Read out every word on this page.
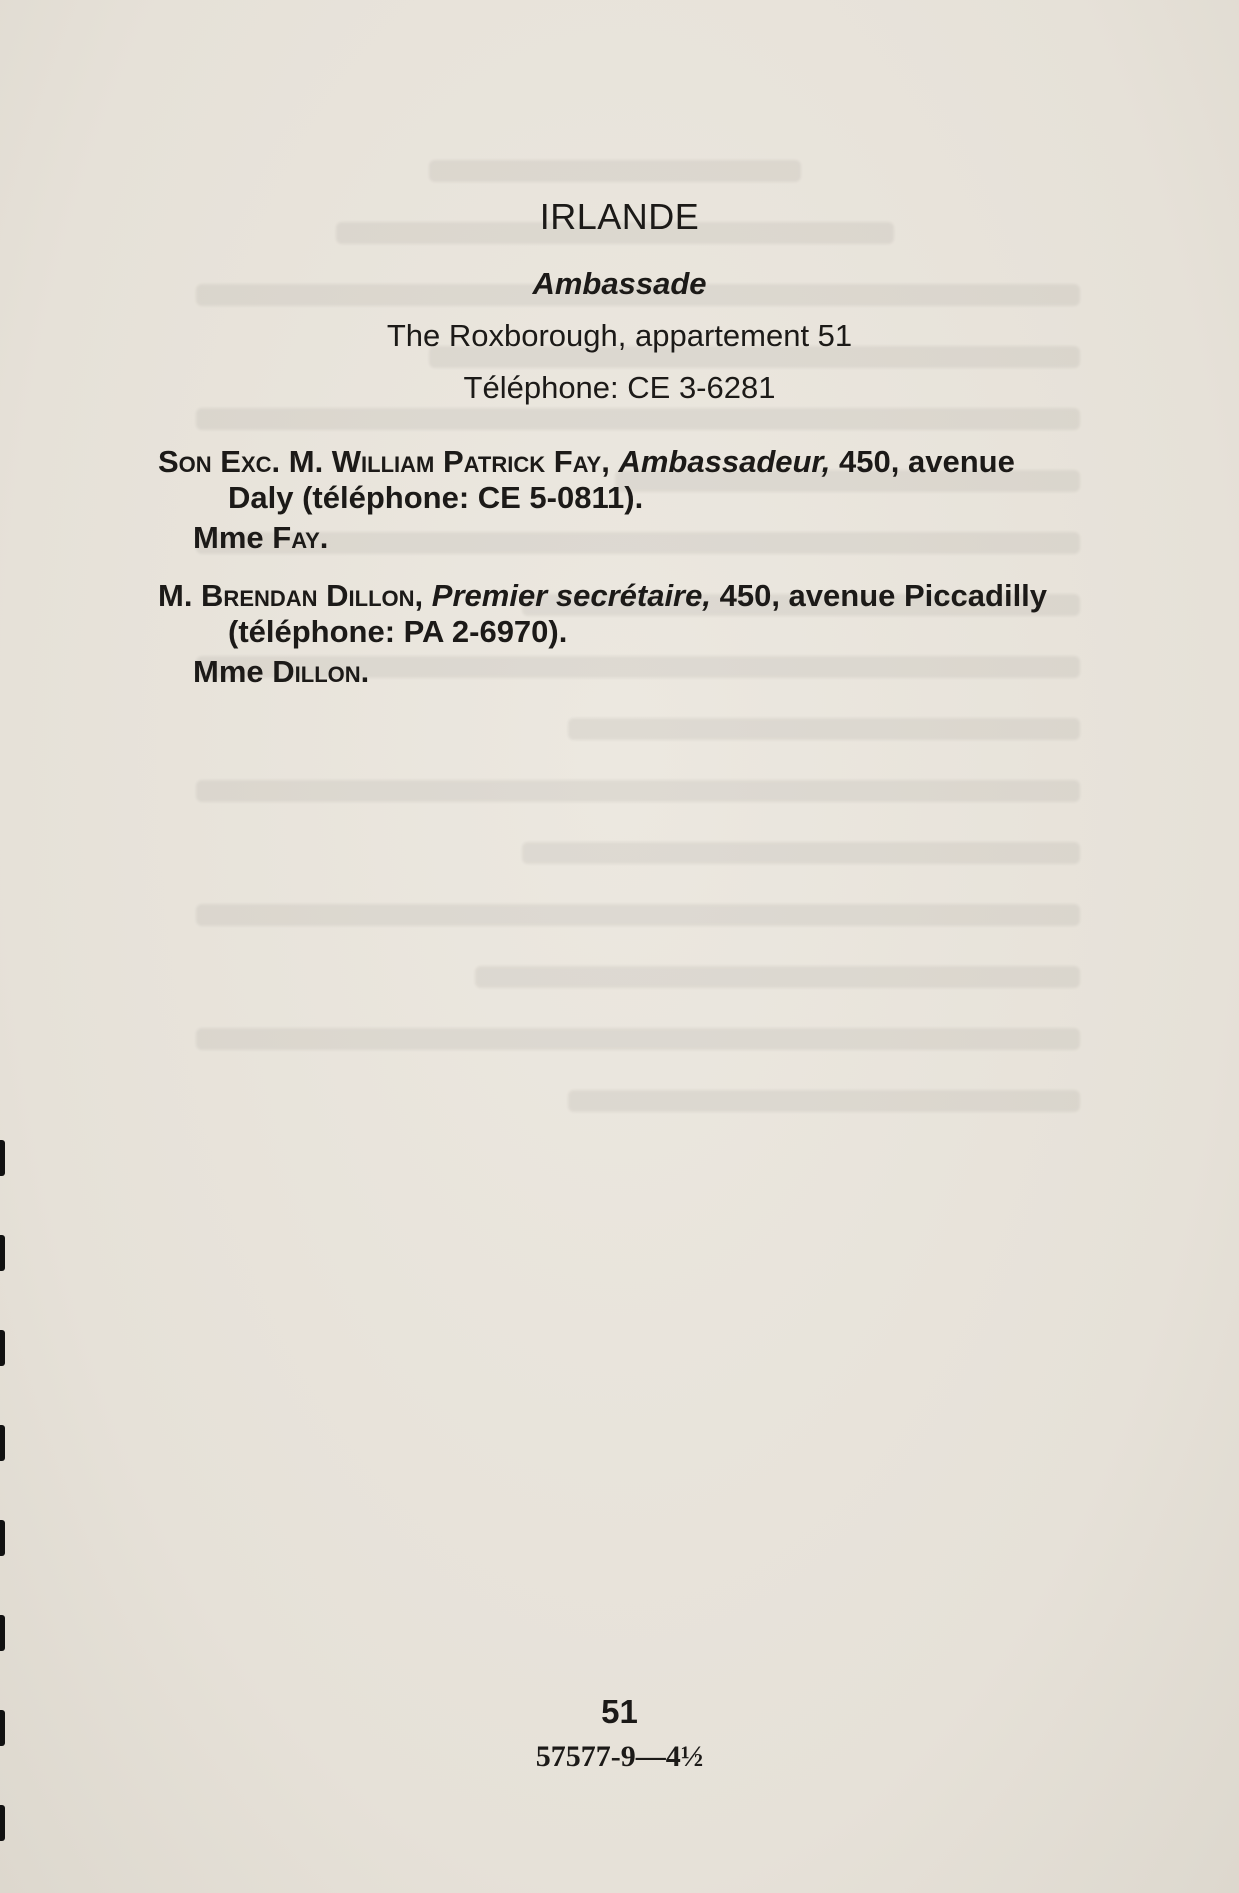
IRLANDE
Ambassade
The Roxborough, appartement 51
Téléphone: CE 3-6281
Son Exc. M. William Patrick Fay, Ambassadeur, 450, avenue Daly (téléphone: CE 5-0811).
Mme Fay.
M. Brendan Dillon, Premier secrétaire, 450, avenue Piccadilly (téléphone: PA 2-6970).
Mme Dillon.
51
57577-9—4½
